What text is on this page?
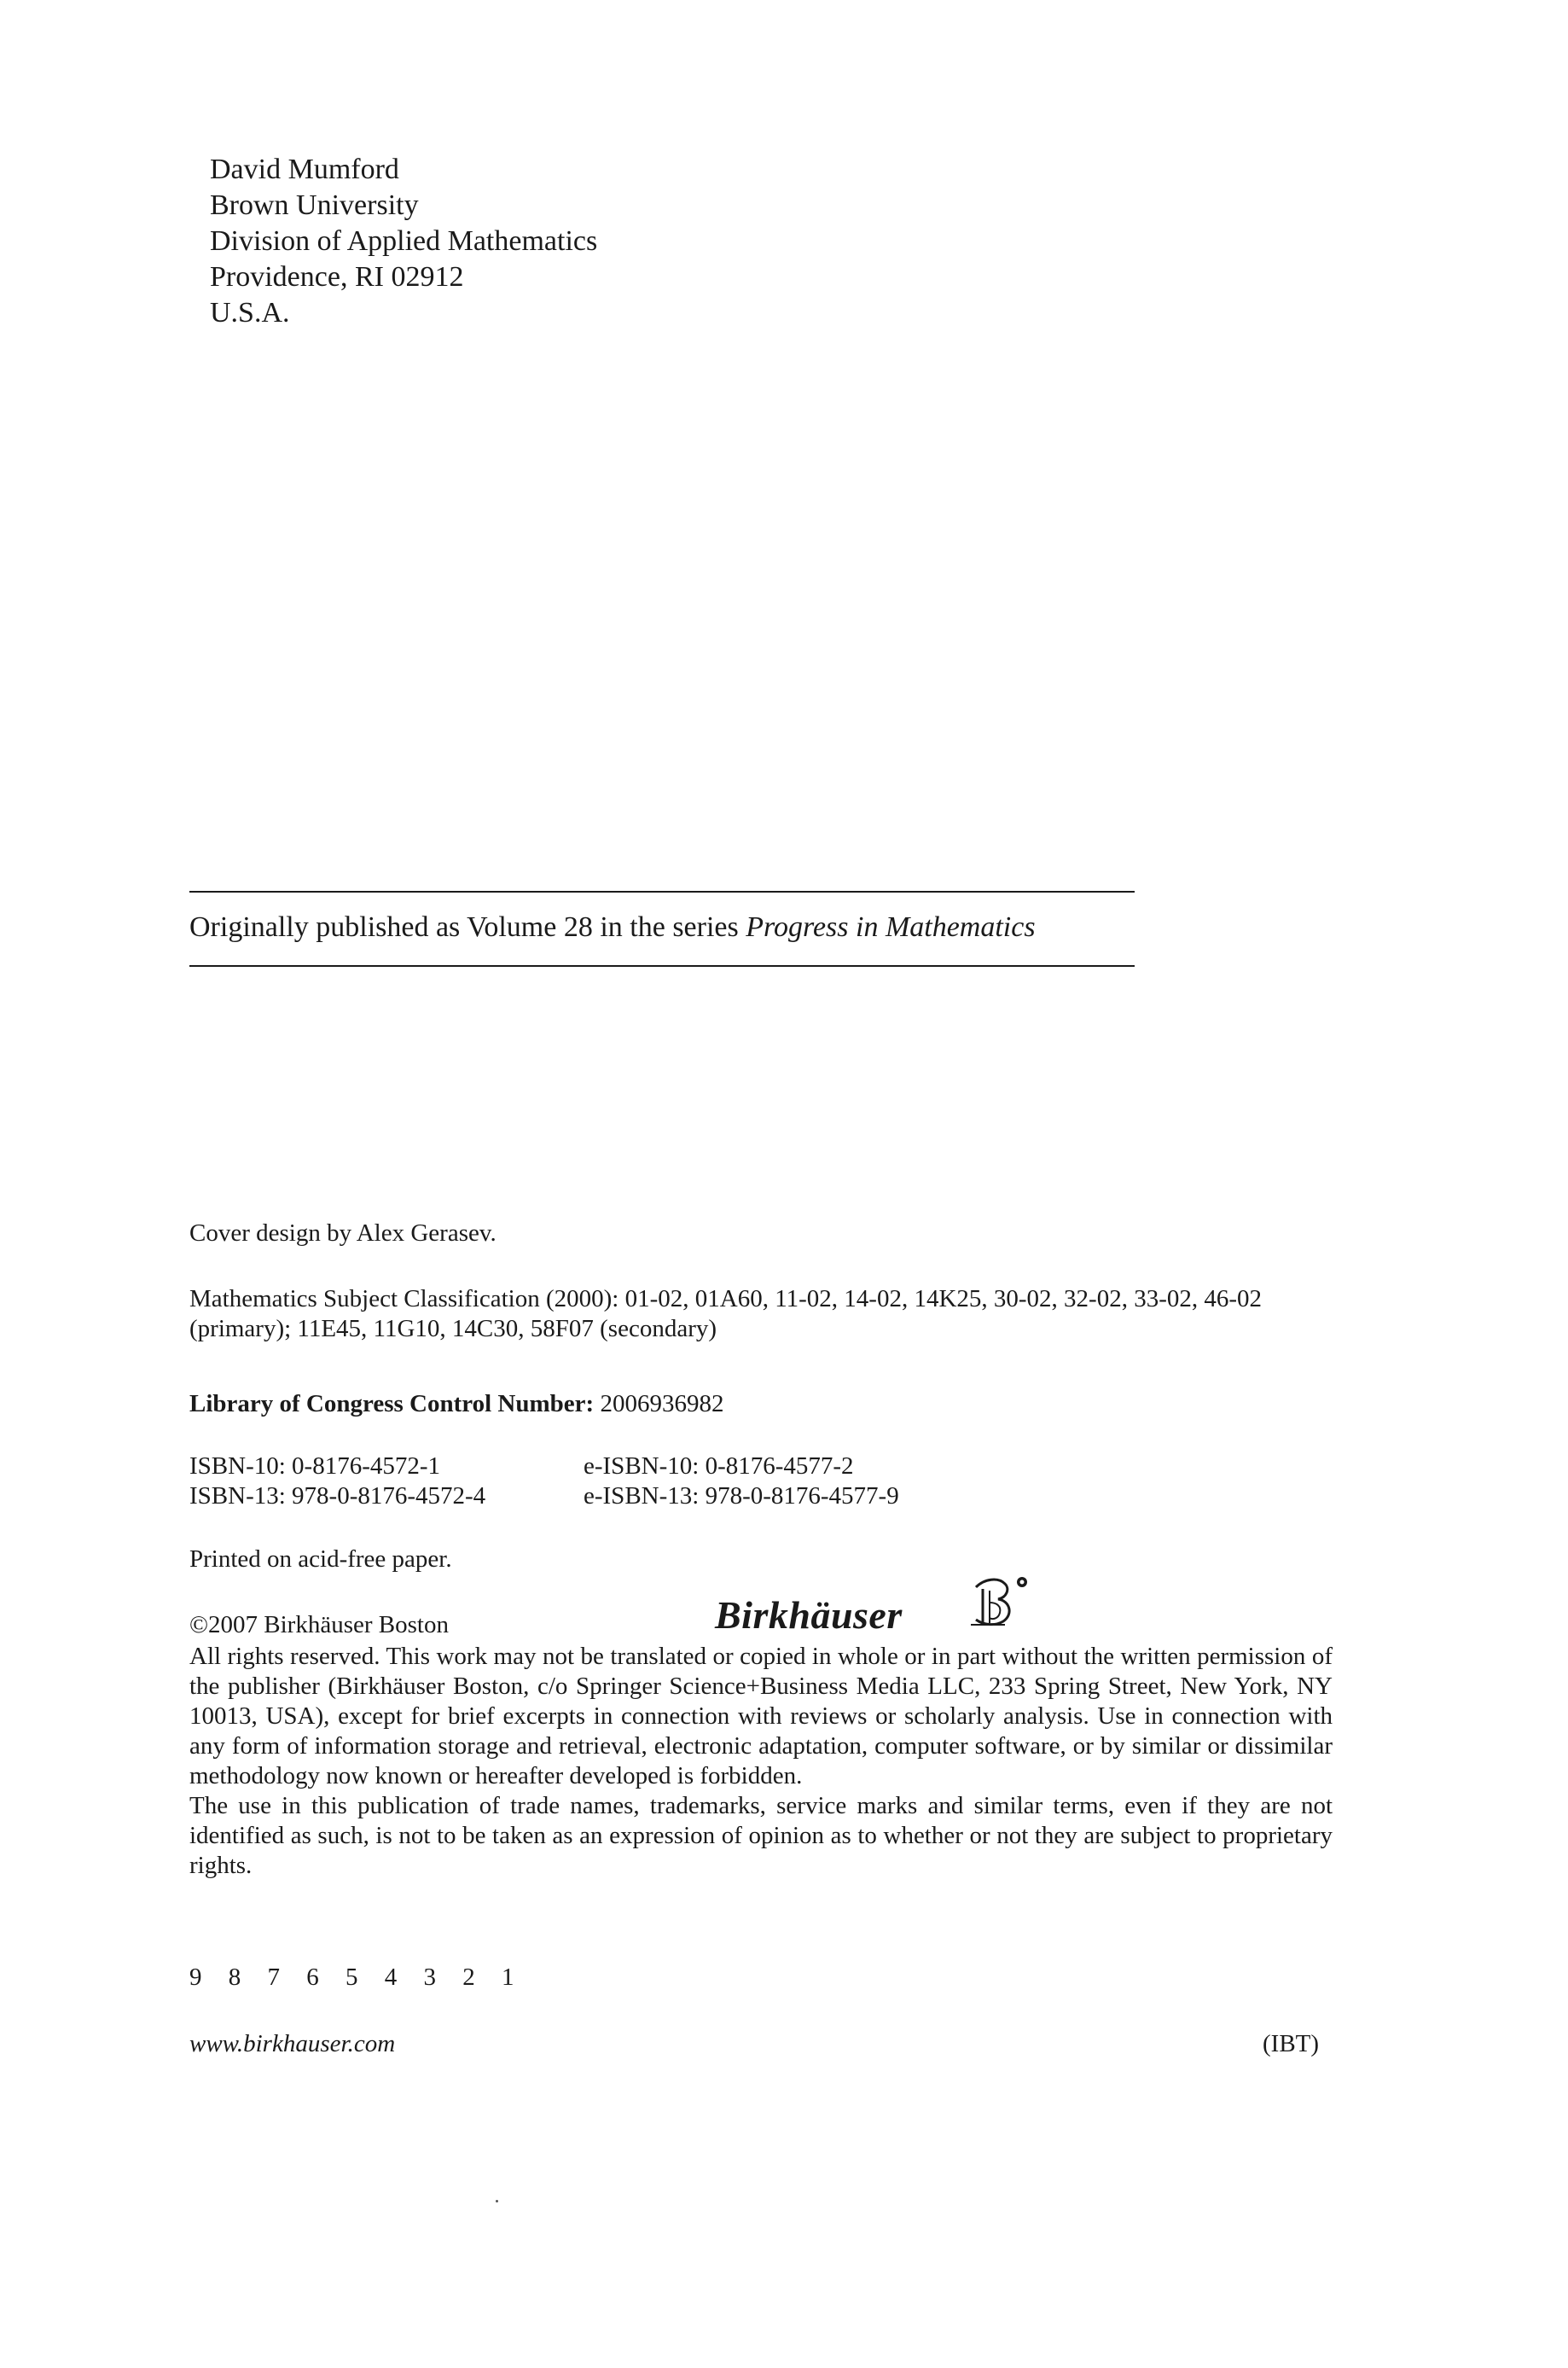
David Mumford
Brown University
Division of Applied Mathematics
Providence, RI 02912
U.S.A.
Originally published as Volume 28 in the series Progress in Mathematics
Cover design by Alex Gerasev.
Mathematics Subject Classification (2000): 01-02, 01A60, 11-02, 14-02, 14K25, 30-02, 32-02, 33-02, 46-02 (primary); 11E45, 11G10, 14C30, 58F07 (secondary)
Library of Congress Control Number: 2006936982
ISBN-10: 0-8176-4572-1	e-ISBN-10: 0-8176-4577-2
ISBN-13: 978-0-8176-4572-4	e-ISBN-13: 978-0-8176-4577-9
Printed on acid-free paper.
©2007 Birkhäuser Boston	Birkhäuser

All rights reserved. This work may not be translated or copied in whole or in part without the written permission of the publisher (Birkhäuser Boston, c/o Springer Science+Business Media LLC, 233 Spring Street, New York, NY 10013, USA), except for brief excerpts in connection with reviews or scholarly analysis. Use in connection with any form of information storage and retrieval, electronic adaptation, computer software, or by similar or dissimilar methodology now known or hereafter developed is forbidden.

The use in this publication of trade names, trademarks, service marks and similar terms, even if they are not identified as such, is not to be taken as an expression of opinion as to whether or not they are subject to proprietary rights.

9 8 7 6 5 4 3 2 1
www.birkhauser.com	(IBT)
